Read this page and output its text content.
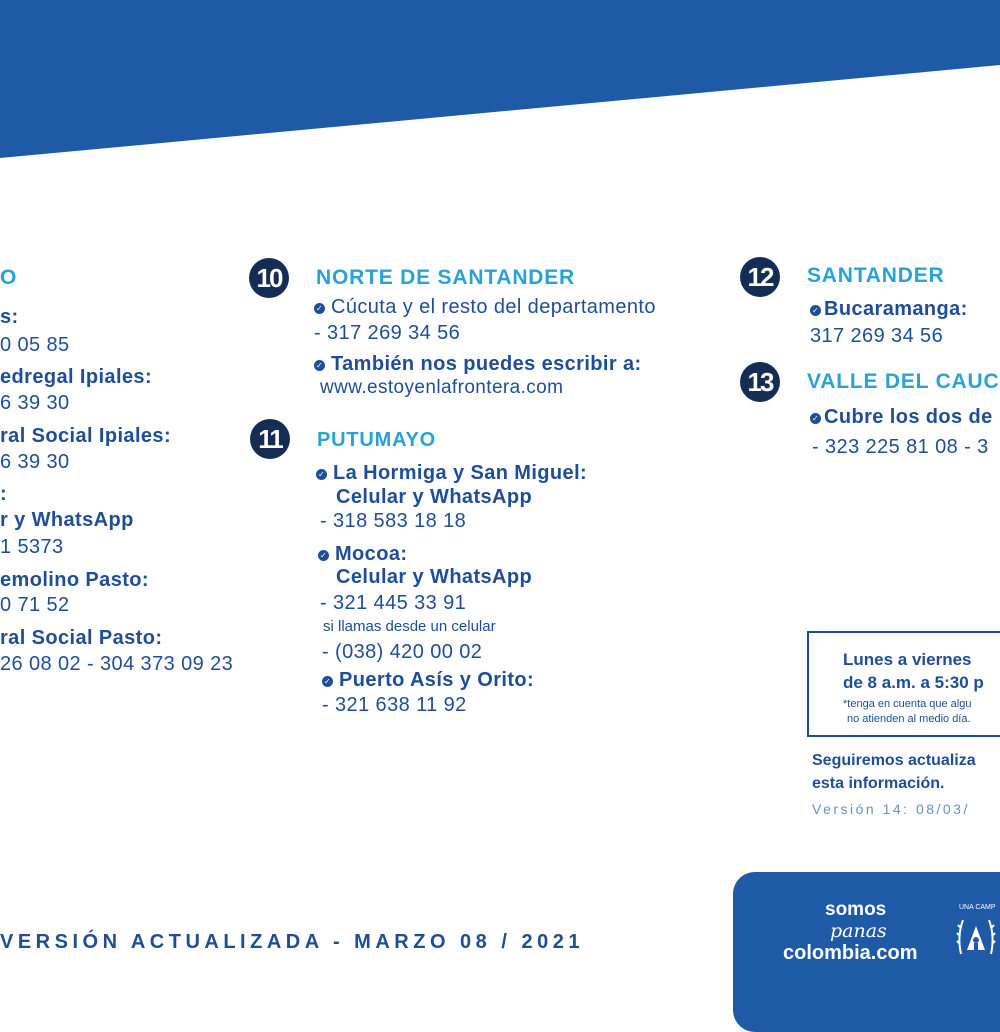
O
s:
0 05 85
edregal Ipiales:
6 39 30
ral Social Ipiales:
6 39 30
:
r y WhatsApp
1 5373
emolino Pasto:
0 71 52
ral Social Pasto:
26 08 02 - 304 373 09 23
10	NORTE DE SANTANDER
✓ Cúcuta y el resto del departamento
- 317 269 34 56
✓ También nos puedes escribir a:
www.estoyenlafrontera.com
11	PUTUMAYO
✓ La Hormiga y San Miguel:
Celular y WhatsApp
- 318 583 18 18
✓ Mocoa:
Celular y WhatsApp
- 321 445 33 91
si llamas desde un celular
- (038) 420 00 02
✓ Puerto Asís y Orito:
- 321 638 11 92
12	SANTANDER
✓ Bucaramanga:
317 269 34 56
13	VALLE DEL CAUC
✓ Cubre los dos de
- 323 225 81 08 - 3
Lunes a viernes
de 8 a.m. a 5:30 p
*tenga en cuenta que algu
no atienden al medio día.
Seguiremos actualiza
esta información.
Versión 14: 08/03/
VERSIÓN ACTUALIZADA - MARZO 08 / 2021
somos
panas
colombia.com
UNA CAMP
